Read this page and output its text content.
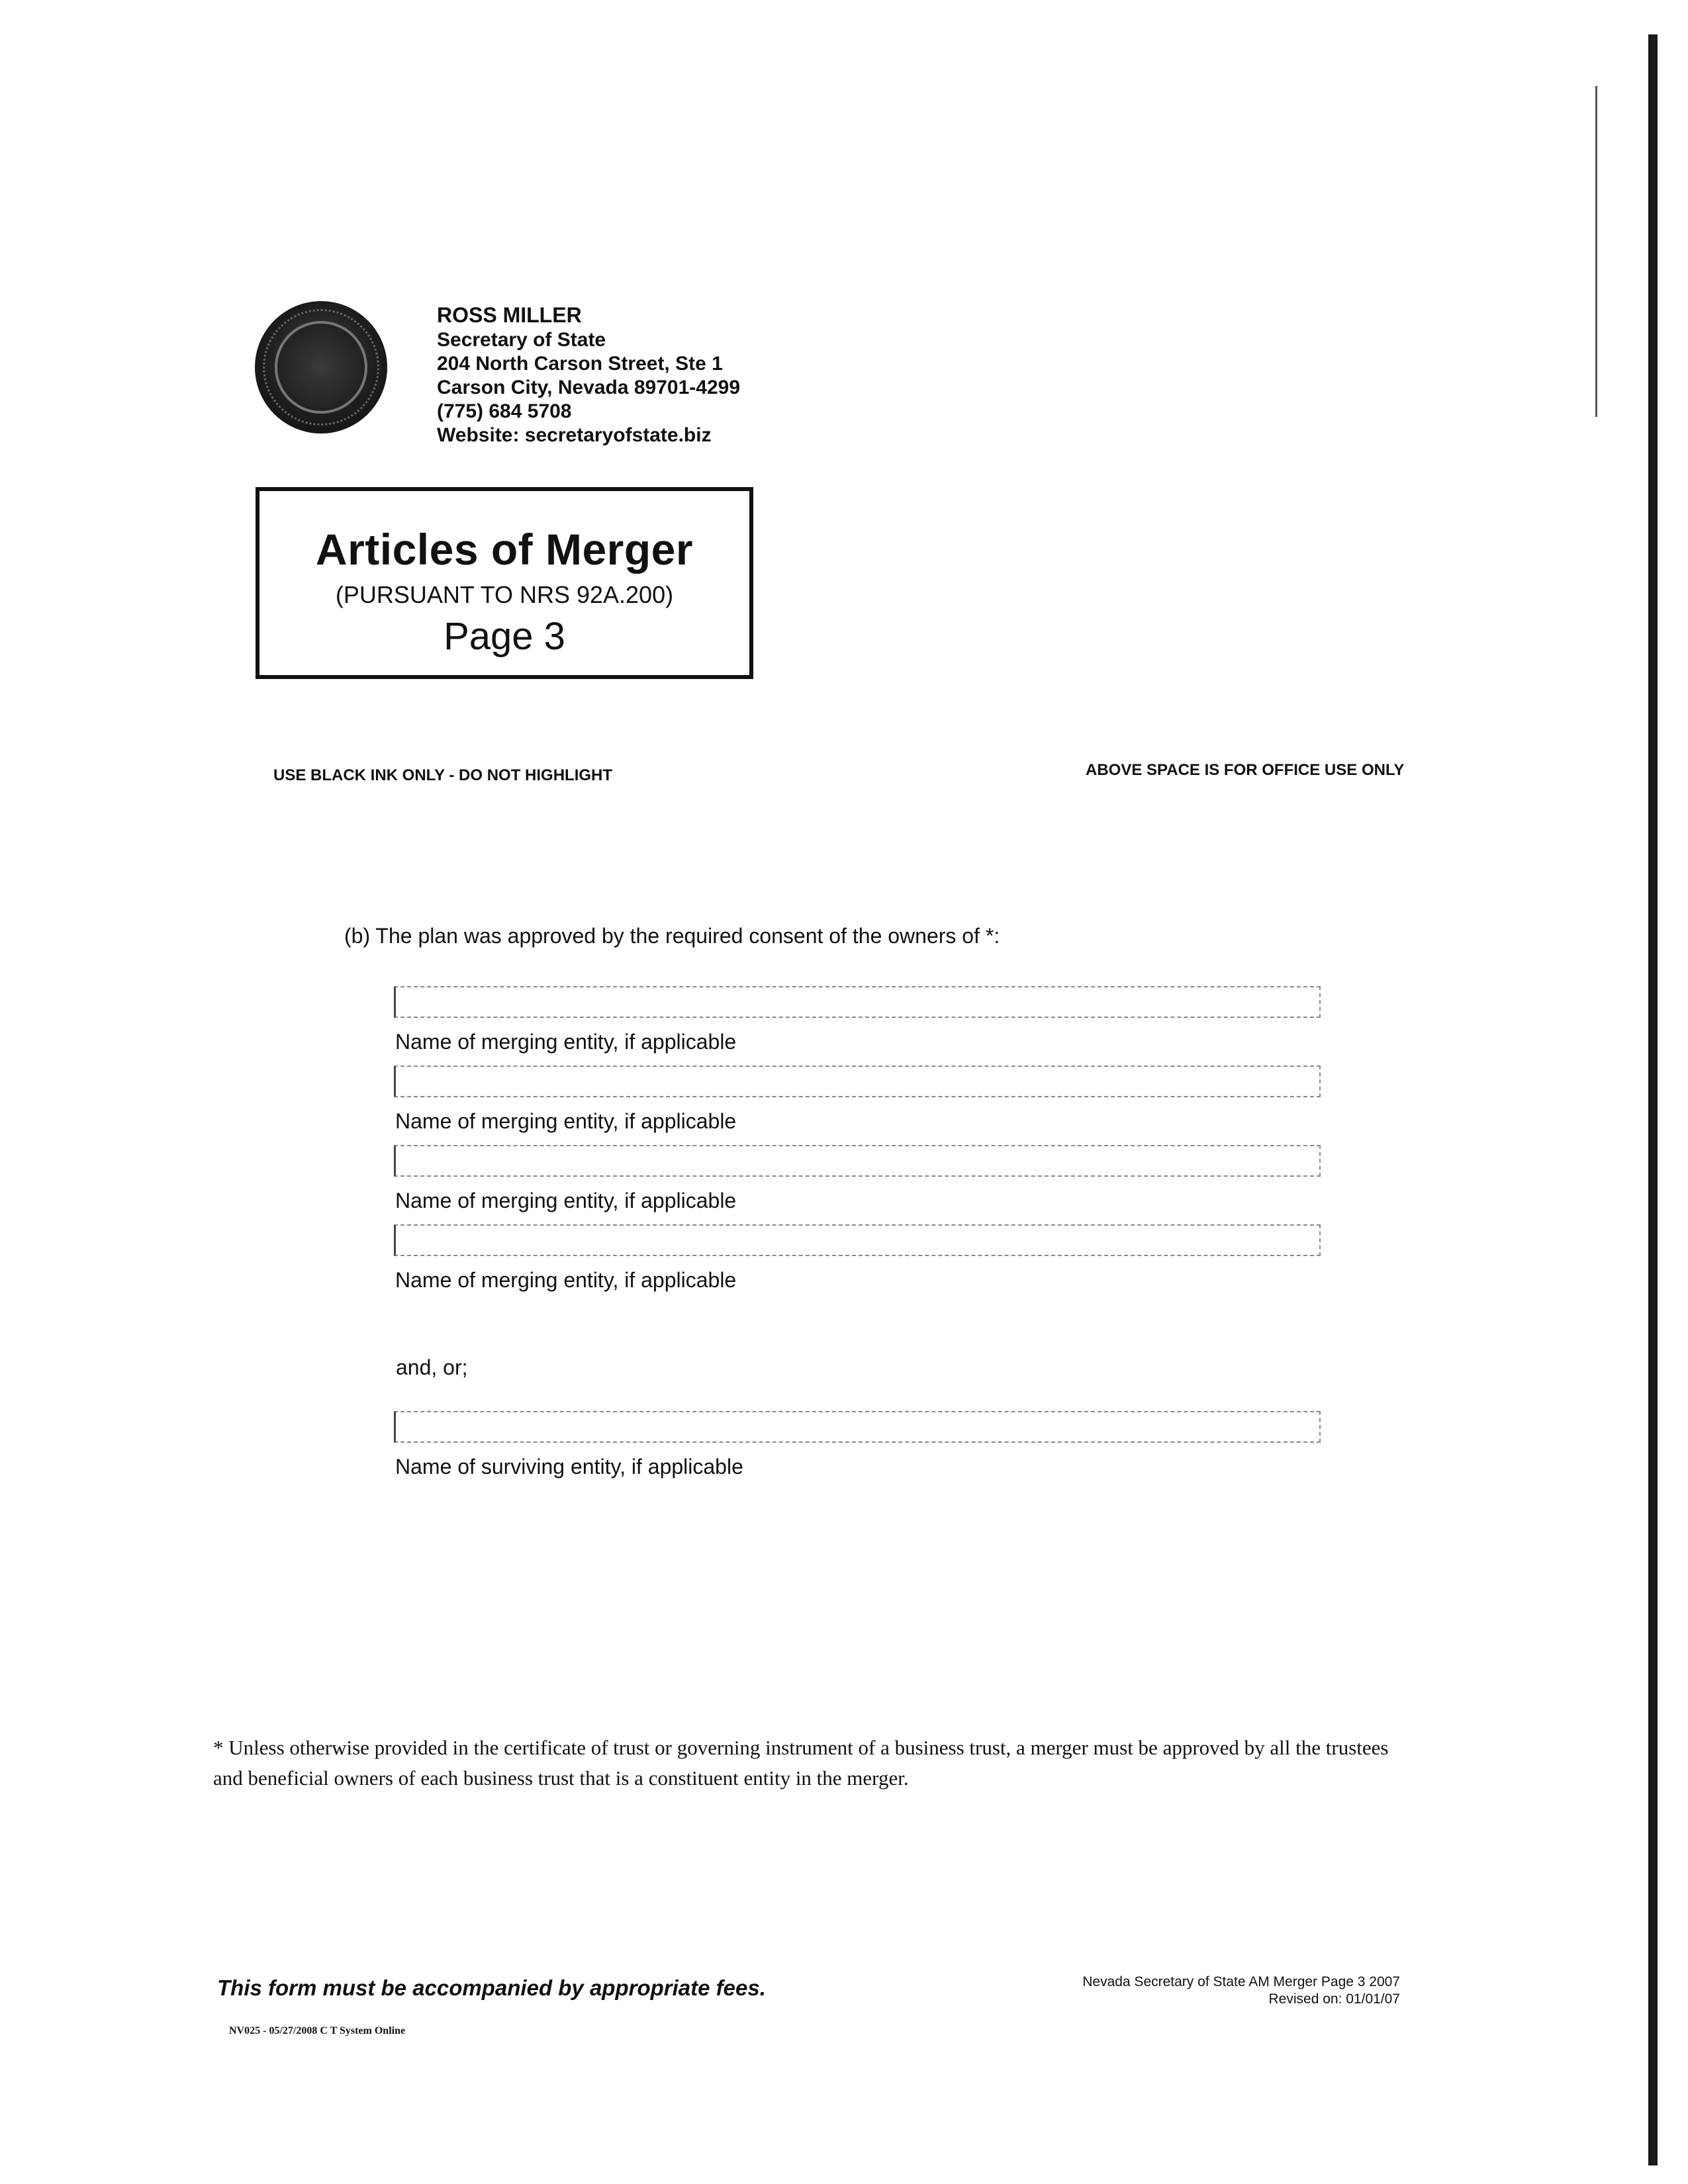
ROSS MILLER
Secretary of State
204 North Carson Street, Ste 1
Carson City, Nevada 89701-4299
(775) 684 5708
Website: secretaryofstate.biz
Articles of Merger
(PURSUANT TO NRS 92A.200)
Page 3
USE BLACK INK ONLY - DO NOT HIGHLIGHT	ABOVE SPACE IS FOR OFFICE USE ONLY
(b) The plan was approved by the required consent of the owners of *:
Name of merging entity, if applicable
Name of merging entity, if applicable
Name of merging entity, if applicable
Name of merging entity, if applicable
and, or;
Name of surviving entity, if applicable
* Unless otherwise provided in the certificate of trust or governing instrument of a business trust, a merger must be approved by all the trustees and beneficial owners of each business trust that is a constituent entity in the merger.
This form must be accompanied by appropriate fees.	Nevada Secretary of State AM Merger Page 3 2007
Revised on: 01/01/07
NV025 - 05/27/2008 C T System Online
